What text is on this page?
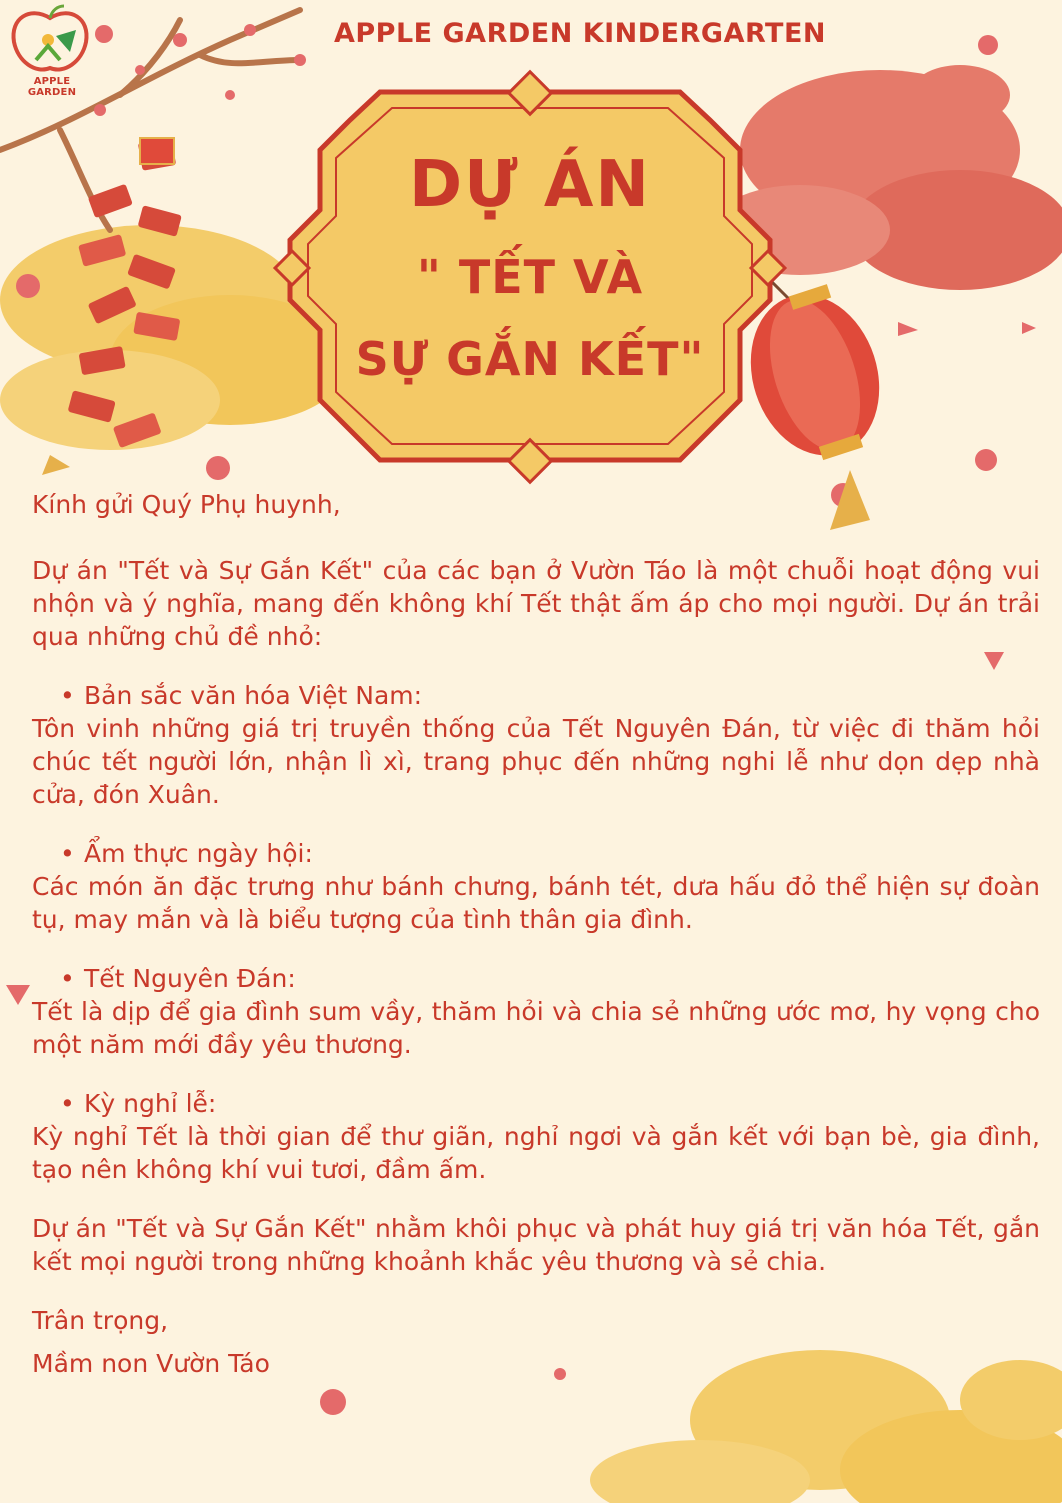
APPLE GARDEN
APPLE GARDEN KINDERGARTEN
DỰ ÁN
" TẾT VÀ
SỰ GẮN KẾT"

Kính gửi Quý Phụ huynh,

Dự án "Tết và Sự Gắn Kết" của các bạn ở Vườn Táo là một chuỗi hoạt động vui nhộn và ý nghĩa, mang đến không khí Tết thật ấm áp cho mọi người. Dự án trải qua những chủ đề nhỏ:

• Bản sắc văn hóa Việt Nam:

Tôn vinh những giá trị truyền thống của Tết Nguyên Đán, từ việc đi thăm hỏi chúc tết người lớn, nhận lì xì, trang phục đến những nghi lễ như dọn dẹp nhà cửa, đón Xuân.

• Ẩm thực ngày hội:

Các món ăn đặc trưng như bánh chưng, bánh tét, dưa hấu đỏ thể hiện sự đoàn tụ, may mắn và là biểu tượng của tình thân gia đình.

• Tết Nguyên Đán:

Tết là dịp để gia đình sum vầy, thăm hỏi và chia sẻ những ước mơ, hy vọng cho một năm mới đầy yêu thương.

• Kỳ nghỉ lễ:

Kỳ nghỉ Tết là thời gian để thư giãn, nghỉ ngơi và gắn kết với bạn bè, gia đình, tạo nên không khí vui tươi, đầm ấm.

Dự án "Tết và Sự Gắn Kết" nhằm khôi phục và phát huy giá trị văn hóa Tết, gắn kết mọi người trong những khoảnh khắc yêu thương và sẻ chia.

Trân trọng,

Mầm non Vườn Táo
